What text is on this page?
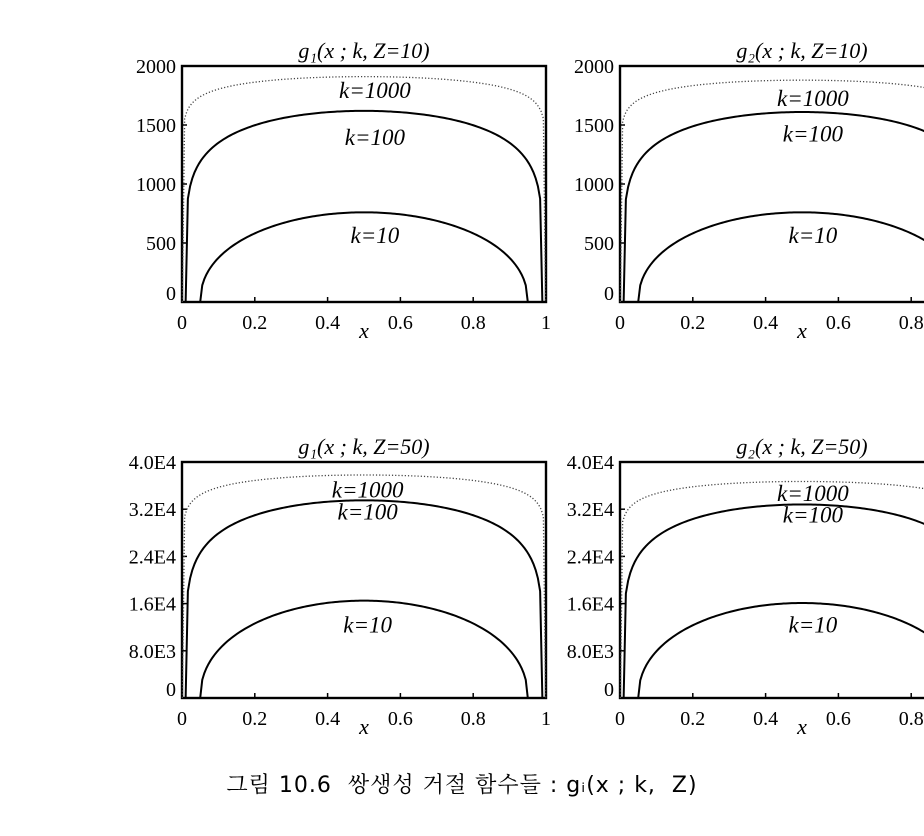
g₁(x ; k, Z=10)
0	0.2 0.4 0.6 0.8	1
x
0
500
1000
1500
2000
k=1000
k=100
k=10
g₂(x ; k, Z=10)
0	0.2 0.4 0.6 0.8
x
0
500
1000
1500
2000
k=1000
k=100
k=10
g₁(x ; k, Z=50)
0	0.2 0.4 0.6 0.8	1
x
0
8.0E3
1.6E4
2.4E4
3.2E4
4.0E4
k=1000
k=100
k=10
g₂(x ; k, Z=50)
0	0.2 0.4 0.6 0.8
x
0
8.0E3
1.6E4
2.4E4
3.2E4
4.0E4
k=1000
k=100
k=10
그림 10.6  쌍생성 거절 함수들 : gᵢ(x ; k,  Z)
